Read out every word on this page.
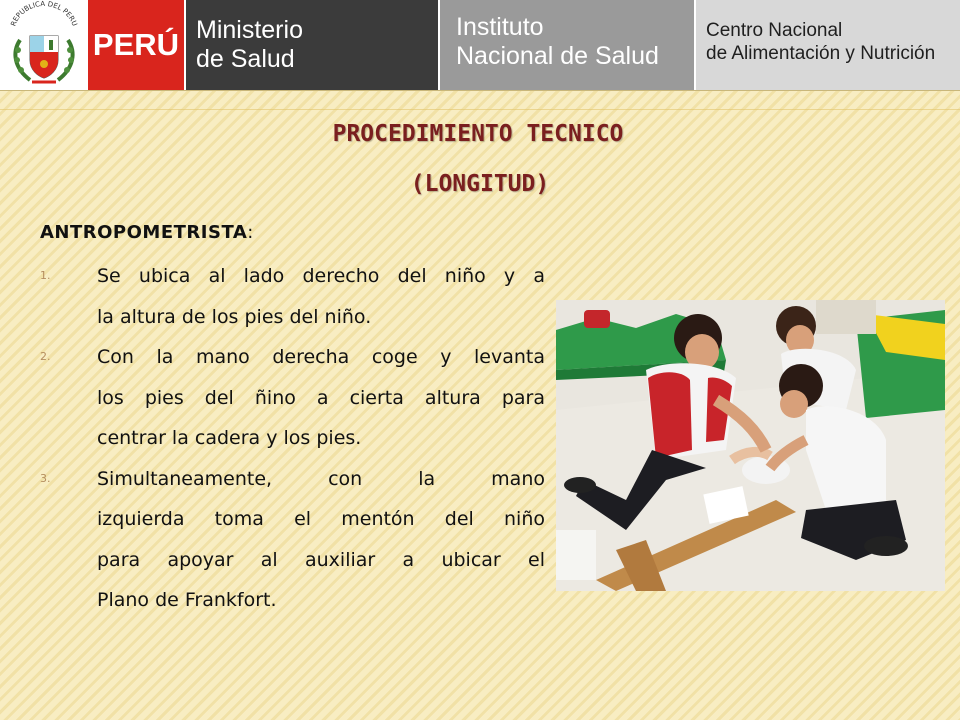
REPUBLICA DEL PERU
PERÚ Ministerio
de Salud
Instituto
Nacional de Salud
Centro Nacional
de Alimentación y Nutrición
PROCEDIMIENTO TECNICO
(LONGITUD)
ANTROPOMETRISTA:
1. Se ubica al lado derecho del niño y a
la altura de los pies del niño.
2. Con la mano derecha coge y levanta
los pies del ñino a cierta altura para
centrar la cadera y los pies.
3. Simultaneamente, con la mano
izquierda toma el mentón del niño
para apoyar al auxiliar a ubicar el
Plano de Frankfort.
